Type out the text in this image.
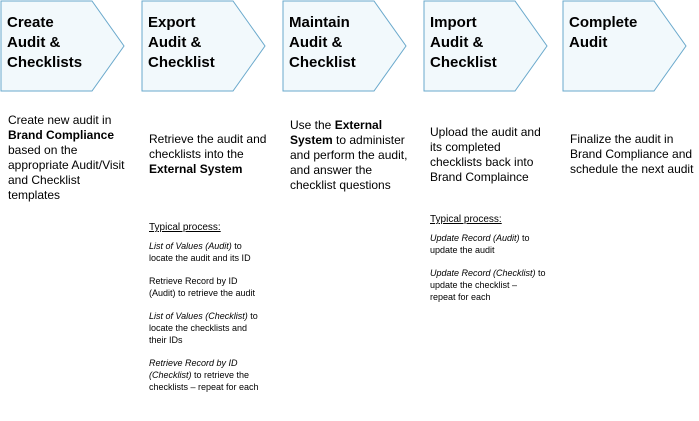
Create
Audit &
Checklists
Export
Audit &
Checklist
Maintain
Audit &
Checklist
Import
Audit &
Checklist
Complete
Audit
Create new audit in
Brand Compliance
based on the
appropriate Audit/Visit
and Checklist
templates
Retrieve the audit and
checklists into the
External System
Use the External
System to administer
and perform the audit,
and answer the
checklist questions
Upload the audit and
its completed
checklists back into
Brand Complaince
Finalize the audit in
Brand Compliance and
schedule the next audit
Typical process:
List of Values (Audit) to
locate the audit and its ID
Retrieve Record by ID
(Audit) to retrieve the audit
List of Values (Checklist) to
locate the checklists and
their IDs
Retrieve Record by ID
(Checklist) to retrieve the
checklists – repeat for each
Typical process:
Update Record (Audit) to
update the audit
Update Record (Checklist) to
update the checklist –
repeat for each
